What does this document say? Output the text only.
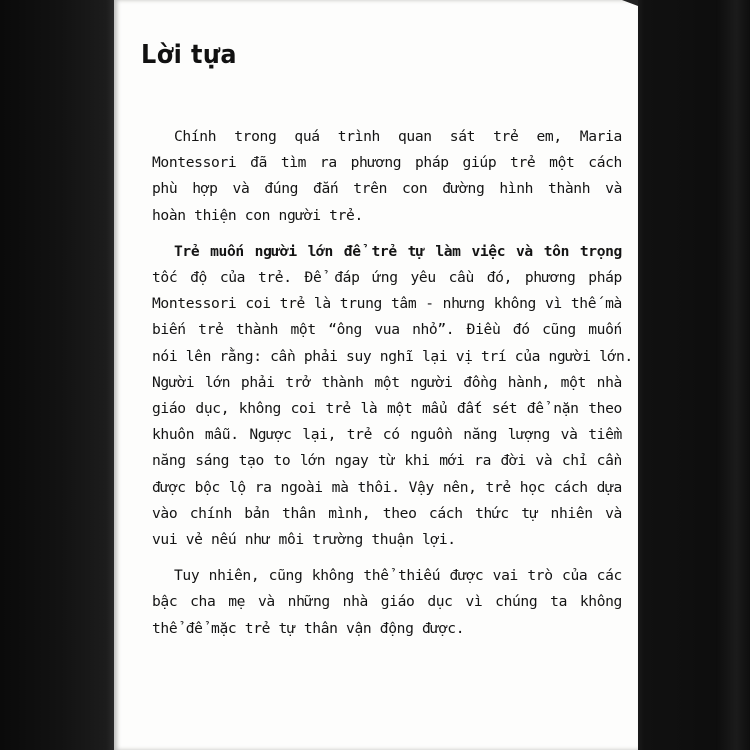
Lời tựa
Chính trong quá trình quan sát trẻ em, Maria
Montessori đã tìm ra phương pháp giúp trẻ một cách
phù hợp và đúng đắn trên con đường hình thành và
hoàn thiện con người trẻ.
Trẻ muốn người lớn để trẻ tự làm việc và tôn trọng
tốc độ của trẻ. Để đáp ứng yêu cầu đó, phương pháp
Montessori coi trẻ là trung tâm - nhưng không vì thế mà
biến trẻ thành một “ông vua nhỏ”. Điều đó cũng muốn
nói lên rằng: cần phải suy nghĩ lại vị trí của người lớn.
Người lớn phải trở thành một người đồng hành, một nhà
giáo dục, không coi trẻ là một mẩu đất sét để nặn theo
khuôn mẫu. Ngược lại, trẻ có nguồn năng lượng và tiềm
năng sáng tạo to lớn ngay từ khi mới ra đời và chỉ cần
được bộc lộ ra ngoài mà thôi. Vậy nên, trẻ học cách dựa
vào chính bản thân mình, theo cách thức tự nhiên và
vui vẻ nếu như môi trường thuận lợi.
Tuy nhiên, cũng không thể thiếu được vai trò của các
bậc cha mẹ và những nhà giáo dục vì chúng ta không
thể để mặc trẻ tự thân vận động được.
